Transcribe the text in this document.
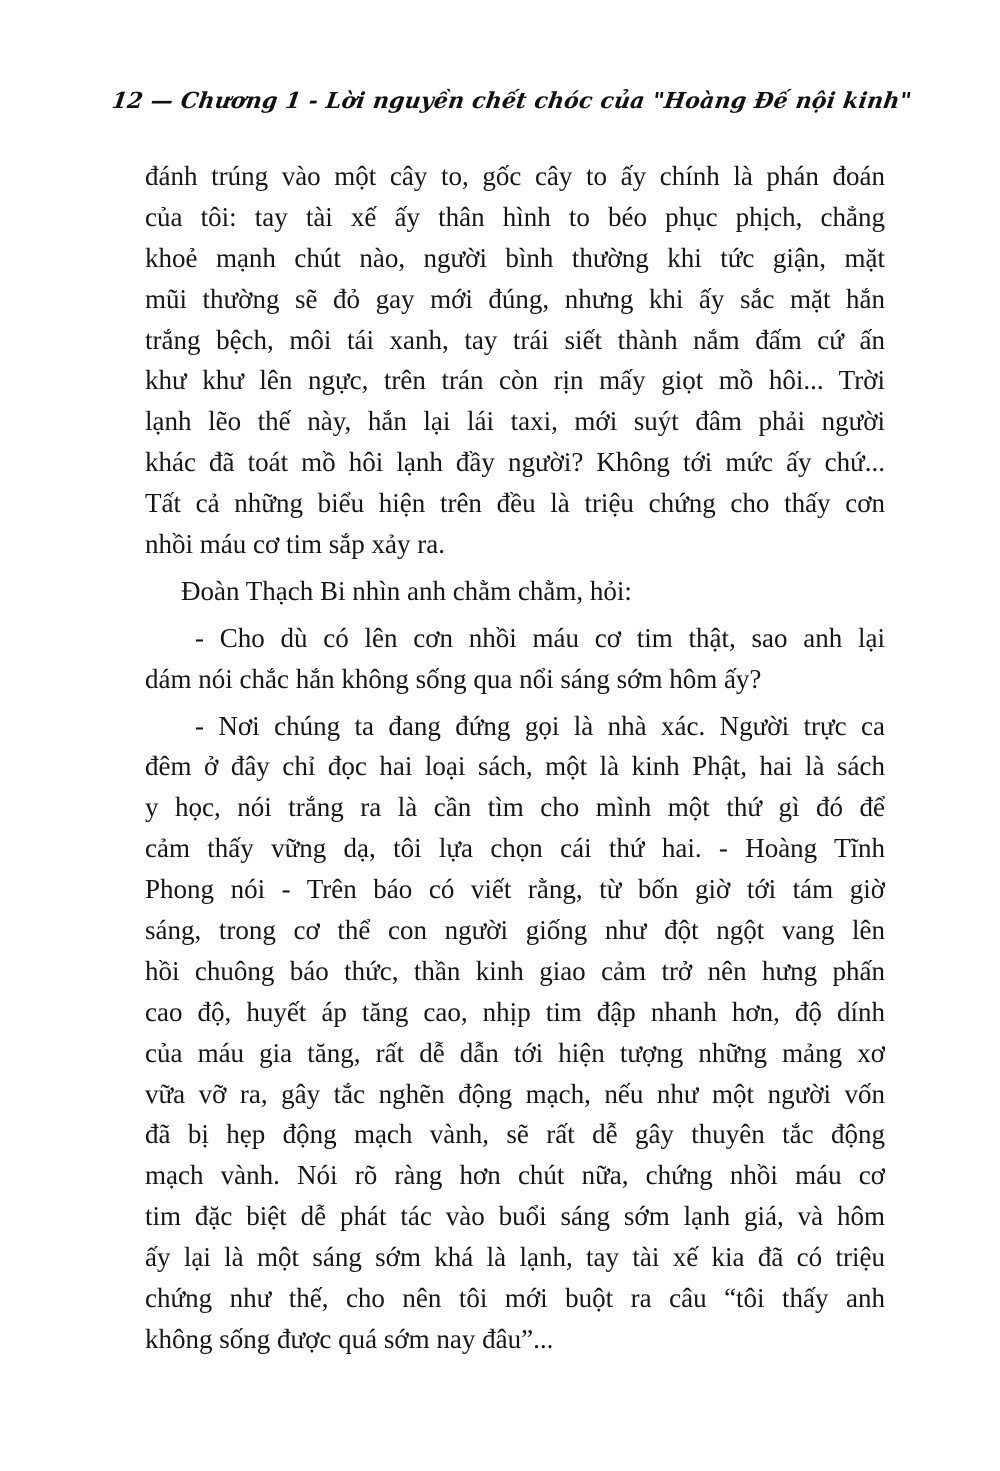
12 — Chương 1 - Lời nguyền chết chóc của "Hoàng Đế nội kinh"
đánh trúng vào một cây to, gốc cây to ấy chính là phán đoán
của tôi: tay tài xế ấy thân hình to béo phục phịch, chẳng
khoẻ mạnh chút nào, người bình thường khi tức giận, mặt
mũi thường sẽ đỏ gay mới đúng, nhưng khi ấy sắc mặt hắn
trắng bệch, môi tái xanh, tay trái siết thành nắm đấm cứ ấn
khư khư lên ngực, trên trán còn rịn mấy giọt mồ hôi... Trời
lạnh lẽo thế này, hắn lại lái taxi, mới suýt đâm phải người
khác đã toát mồ hôi lạnh đầy người? Không tới mức ấy chứ...
Tất cả những biểu hiện trên đều là triệu chứng cho thấy cơn
nhồi máu cơ tim sắp xảy ra.
Đoàn Thạch Bi nhìn anh chằm chằm, hỏi:
- Cho dù có lên cơn nhồi máu cơ tim thật, sao anh lại
dám nói chắc hắn không sống qua nổi sáng sớm hôm ấy?
- Nơi chúng ta đang đứng gọi là nhà xác. Người trực ca
đêm ở đây chỉ đọc hai loại sách, một là kinh Phật, hai là sách
y học, nói trắng ra là cần tìm cho mình một thứ gì đó để
cảm thấy vững dạ, tôi lựa chọn cái thứ hai. - Hoàng Tĩnh
Phong nói - Trên báo có viết rằng, từ bốn giờ tới tám giờ
sáng, trong cơ thể con người giống như đột ngột vang lên
hồi chuông báo thức, thần kinh giao cảm trở nên hưng phấn
cao độ, huyết áp tăng cao, nhịp tim đập nhanh hơn, độ dính
của máu gia tăng, rất dễ dẫn tới hiện tượng những mảng xơ
vữa vỡ ra, gây tắc nghẽn động mạch, nếu như một người vốn
đã bị hẹp động mạch vành, sẽ rất dễ gây thuyên tắc động
mạch vành. Nói rõ ràng hơn chút nữa, chứng nhồi máu cơ
tim đặc biệt dễ phát tác vào buổi sáng sớm lạnh giá, và hôm
ấy lại là một sáng sớm khá là lạnh, tay tài xế kia đã có triệu
chứng như thế, cho nên tôi mới buột ra câu “tôi thấy anh
không sống được quá sớm nay đâu”...
